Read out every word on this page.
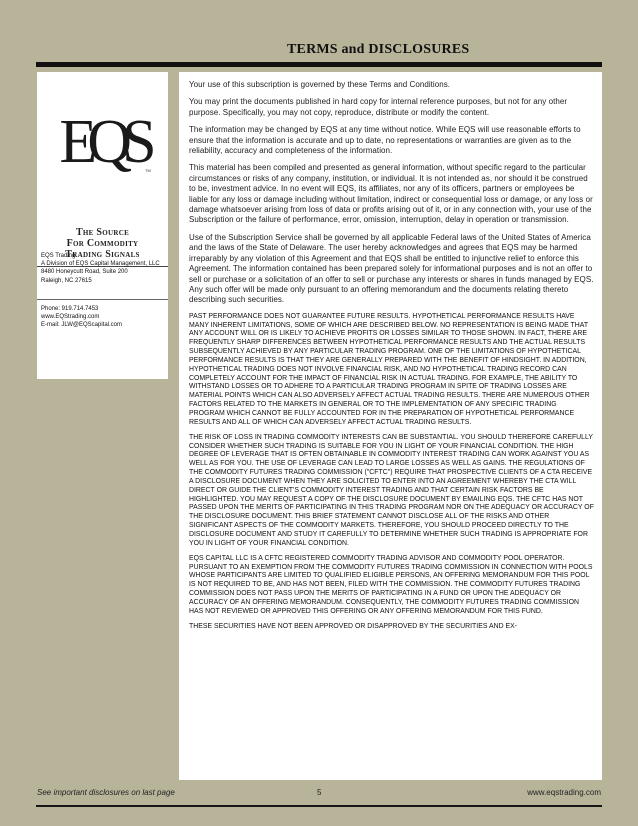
TERMS and DISCLOSURES
EQS
TM
The Source
For Commodity
Trading Signals
EQS Trading
A Division of EQS Capital Management, LLC
8480 Honeycutt Road, Suite 200
Raleigh, NC 27615
Phone: 919.714.7453
www.EQStrading.com
E-mail: JLW@EQScapital.com

Your use of this subscription is governed by these Terms and Conditions.

You may print the documents published in hard copy for internal reference purposes, but not for any other purpose. Specifically, you may not copy, reproduce, distribute or modify the content.

The information may be changed by EQS at any time without notice. While EQS will use reasonable efforts to ensure that the information is accurate and up to date, no representations or warranties are given as to the reliability, accuracy and completeness of the information.

This material has been compiled and presented as general information, without specific regard to the particular circumstances or risks of any company, institution, or individual. It is not intended as, nor should it be construed to be, investment advice. In no event will EQS, its affiliates, nor any of its officers, partners or employees be liable for any loss or damage including without limitation, indirect or consequential loss or damage, or any loss or damage whatsoever arising from loss of data or profits arising out of it, or in any connection with, your use of the Subscription or the failure of performance, error, omission, interruption, delay in operation or transmission.

Use of the Subscription Service shall be governed by all applicable Federal laws of the United States of America and the laws of the State of Delaware. The user hereby acknowledges and agrees that EQS may be harmed irreparably by any violation of this Agreement and that EQS shall be entitled to injunctive relief to enforce this Agreement. The information contained has been prepared solely for informational purposes and is not an offer to sell or purchase or a solicitation of an offer to sell or purchase any interests or shares in funds managed by EQS. Any such offer will be made only pursuant to an offering memorandum and the documents relating thereto describing such securities.

PAST PERFORMANCE DOES NOT GUARANTEE FUTURE RESULTS. HYPOTHETICAL PERFORMANCE RESULTS HAVE MANY INHERENT LIMITATIONS, SOME OF WHICH ARE DESCRIBED BELOW. NO REPRESENTATION IS BEING MADE THAT ANY ACCOUNT WILL OR IS LIKELY TO ACHIEVE PROFITS OR LOSSES SIMILAR TO THOSE SHOWN. IN FACT, THERE ARE FREQUENTLY SHARP DIFFERENCES BETWEEN HYPOTHETICAL PERFORMANCE RESULTS AND THE ACTUAL RESULTS SUBSEQUENTLY ACHIEVED BY ANY PARTICULAR TRADING PROGRAM. ONE OF THE LIMITATIONS OF HYPOTHETICAL PERFORMANCE RESULTS IS THAT THEY ARE GENERALLY PREPARED WITH THE BENEFIT OF HINDSIGHT. IN ADDITION, HYPOTHETICAL TRADING DOES NOT INVOLVE FINANCIAL RISK, AND NO HYPOTHETICAL TRADING RECORD CAN COMPLETELY ACCOUNT FOR THE IMPACT OF FINANCIAL RISK IN ACTUAL TRADING. FOR EXAMPLE, THE ABILITY TO WITHSTAND LOSSES OR TO ADHERE TO A PARTICULAR TRADING PROGRAM IN SPITE OF TRADING LOSSES ARE MATERIAL POINTS WHICH CAN ALSO ADVERSELY AFFECT ACTUAL TRADING RESULTS. THERE ARE NUMEROUS OTHER FACTORS RELATED TO THE MARKETS IN GENERAL OR TO THE IMPLEMENTATION OF ANY SPECIFIC TRADING PROGRAM WHICH CANNOT BE FULLY ACCOUNTED FOR IN THE PREPARATION OF HYPOTHETICAL PERFORMANCE RESULTS AND ALL OF WHICH CAN ADVERSELY AFFECT ACTUAL TRADING RESULTS.

THE RISK OF LOSS IN TRADING COMMODITY INTERESTS CAN BE SUBSTANTIAL. YOU SHOULD THEREFORE CAREFULLY CONSIDER WHETHER SUCH TRADING IS SUITABLE FOR YOU IN LIGHT OF YOUR FINANCIAL CONDITION. THE HIGH DEGREE OF LEVERAGE THAT IS OFTEN OBTAINABLE IN COMMODITY INTEREST TRADING CAN WORK AGAINST YOU AS WELL AS FOR YOU. THE USE OF LEVERAGE CAN LEAD TO LARGE LOSSES AS WELL AS GAINS. THE REGULATIONS OF THE COMMODITY FUTURES TRADING COMMISSION ("CFTC") REQUIRE THAT PROSPECTIVE CLIENTS OF A CTA RECEIVE A DISCLOSURE DOCUMENT WHEN THEY ARE SOLICITED TO ENTER INTO AN AGREEMENT WHEREBY THE CTA WILL DIRECT OR GUIDE THE CLIENT'S COMMODITY INTEREST TRADING AND THAT CERTAIN RISK FACTORS BE HIGHLIGHTED. YOU MAY REQUEST A COPY OF THE DISCLOSURE DOCUMENT BY EMAILING EQS. THE CFTC HAS NOT PASSED UPON THE MERITS OF PARTICIPATING IN THIS TRADING PROGRAM NOR ON THE ADEQUACY OR ACCURACY OF THE DISCLOSURE DOCUMENT. THIS BRIEF STATEMENT CANNOT DISCLOSE ALL OF THE RISKS AND OTHER SIGNIFICANT ASPECTS OF THE COMMODITY MARKETS. THEREFORE, YOU SHOULD PROCEED DIRECTLY TO THE DISCLOSURE DOCUMENT AND STUDY IT CAREFULLY TO DETERMINE WHETHER SUCH TRADING IS APPROPRIATE FOR YOU IN LIGHT OF YOUR FINANCIAL CONDITION.

EQS CAPITAL LLC IS A CFTC REGISTERED COMMODITY TRADING ADVISOR AND COMMODITY POOL OPERATOR. PURSUANT TO AN EXEMPTION FROM THE COMMODITY FUTURES TRADING COMMISSION IN CONNECTION WITH POOLS WHOSE PARTICIPANTS ARE LIMITED TO QUALIFIED ELIGIBLE PERSONS, AN OFFERING MEMORANDUM FOR THIS POOL IS NOT REQUIRED TO BE, AND HAS NOT BEEN, FILED WITH THE COMMISSION. THE COMMODITY FUTURES TRADING COMMISSION DOES NOT PASS UPON THE MERITS OF PARTICIPATING IN A FUND OR UPON THE ADEQUACY OR ACCURACY OF AN OFFERING MEMORANDUM. CONSEQUENTLY, THE COMMODITY FUTURES TRADING COMMISSION HAS NOT REVIEWED OR APPROVED THIS OFFERING OR ANY OFFERING MEMORANDUM FOR THIS FUND.

THESE SECURITIES HAVE NOT BEEN APPROVED OR DISAPPROVED BY THE SECURITIES AND EX-

See important disclosures on last page	5	www.eqstrading.com
